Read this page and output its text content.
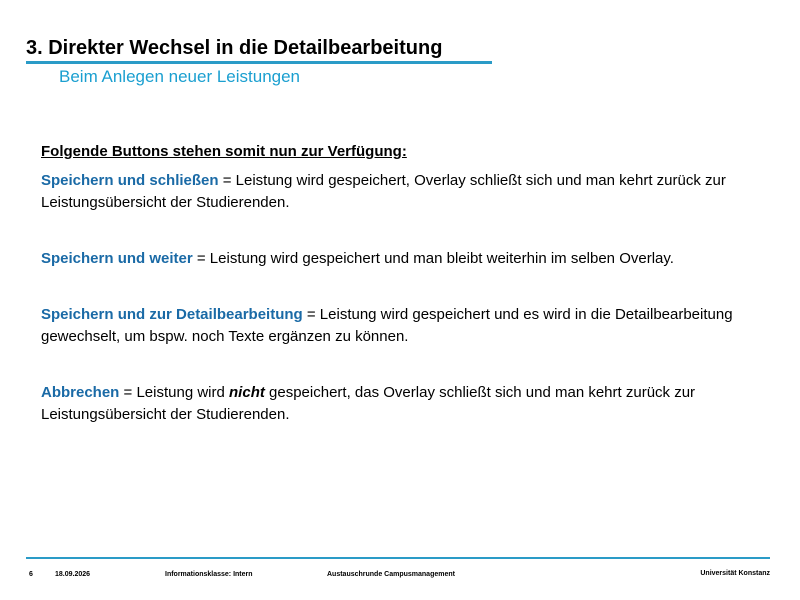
3. Direkter Wechsel in die Detailbearbeitung
Beim Anlegen neuer Leistungen

Folgende Buttons stehen somit nun zur Verfügung:

Speichern und schließen = Leistung wird gespeichert, Overlay schließt sich und man kehrt zurück zur Leistungsübersicht der Studierenden.

Speichern und weiter = Leistung wird gespeichert und man bleibt weiterhin im selben Overlay.

Speichern und zur Detailbearbeitung = Leistung wird gespeichert und es wird in die Detailbearbeitung gewechselt, um bspw. noch Texte ergänzen zu können.

Abbrechen = Leistung wird nicht gespeichert, das Overlay schließt sich und man kehrt zurück zur Leistungsübersicht der Studierenden.

6	18.09.2026	Informationsklasse: Intern	Austauschrunde Campusmanagement	Universität Konstanz
